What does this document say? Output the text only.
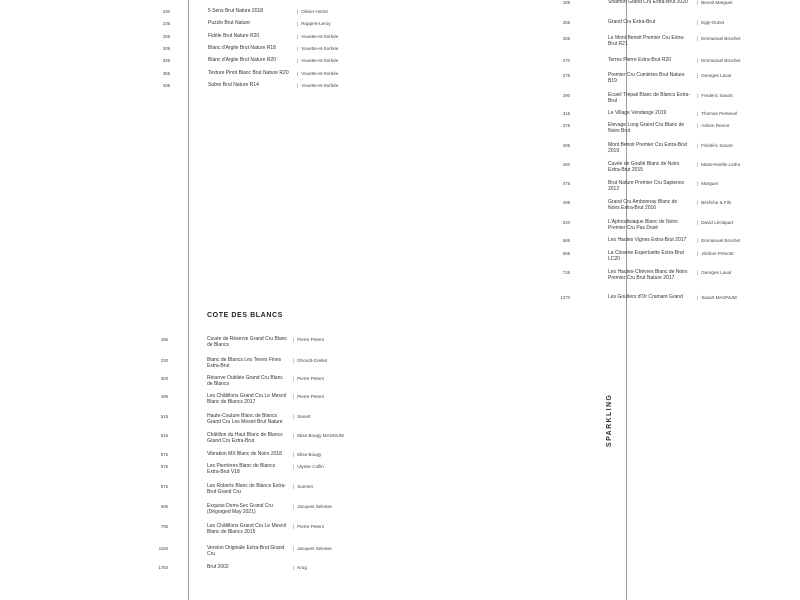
230	5 Sens Brut Nature 2018	| Olivier Horiot
235	Puzzle Brut Nature	| Ruppert-Leroy
255	Fidèle Brut Nature R20	| Vouette-et-Sorbée
309	Blanc d'Argile Brut Nature R18	| Vouette-et-Sorbée
325	Blanc d'Argile Brut Nature R20	| Vouette-et-Sorbée
365	Texture Pinot Blanc Brut Nature R20	| Vouette-et-Sorbée
405	Sobre Brut Nature R14	| Vouette-et-Sorbée
COTE DES BLANCS
185	Cuvée de Réserve Grand Cru Blanc de Blancs
| Pierre Peters
230	Blanc de Blancs Les Terres Fines Extra-Brut
| Dhondt-Grellet
300	Réserve Oubliée Grand Cru Blanc de Blancs
| Pierre Peters
495	Les Châtillons Grand Cru Le Mesnil Blanc de Blancs 2017
| Pierre Peters
515	Haute-Couture Blanc de Blancs Grand Cru Les Mesnil Brut Nature
| Savart
515	Châtillon du Haut Blanc de Blancs Grand Cru Extra-Brut
| Elise Bougy MAGNUM
575	Vibration MX Blanc de Noirs 2018	| Elise Bougy
675	Les Pierrières Blanc de Blancs Extra-Brut V18
| Ulysse Collin
675	Les Roberts Blanc de Blancs Extra-Brut Grand Cru
| Suenen
695	Exquise Demi-Sec Grand Cru (Dégorged May 2021)
| Jacques Selosse
795	Les Châtillons Grand Cru Le Mesnil Blanc de Blancs 2015
| Pierre Peters
1150	Version Originale Extra-Brut Grand Cru
| Jacques Selosse
1750	Brut 2002	| Krug
185	Shamon Grand Cru Extra-Brut 2020	| Benoit Marguet
255	Grand Cru Extra-Brut	| Egly-Ouriet
265	Le Mont Benoit Premier Cru Extra-Brut R21
| Emmanuel Brochet
270	Terres Pierre Extra-Brut R20	| Emmanuel Brochet
275	Premier Cru Cumières Brut Nature B19
| Georges Laval
290	Ecueil Trépail Blanc de Blancs Extra-Brut
| Frederic Savart
315	Le Village Vendange 2019	| Thomas Perseval
375	Elevage Long Grand Cru Blanc de Noirs Brut
| Adrien Renoir
405	Mont Benoit Premier Cru Extra-Brut 2019
| Frédéric Savart
450	Cuvée de Goulté Blanc de Noirs Extra-Brut 2015
| Marie-Noëlle Ledru
475	Brut Nature Premier Cru Sapience 2012
| Marguet
495	Grand Cru Ambonnay Blanc de Noirs Extra-Brut 2016
| Bérêche & Fils
520	L'Aphrodisiaque Blanc de Noirs Premier Cru Pas Dosé
| David Léclapart
585	Les Hautes Vignes Extra-Brut 2017	| Emmanuel Brochet
655	La Closerie Esperluette Extra-Brut LC20
| Jérôme Prévost
725	Les Hautes-Chèvres Blanc de Noirs Premier Cru Brut Nature 2017
| Georges Laval
1270	Les Goulters d'Or Cramant Grand	| Savart MAGNUM
SPARKLING
